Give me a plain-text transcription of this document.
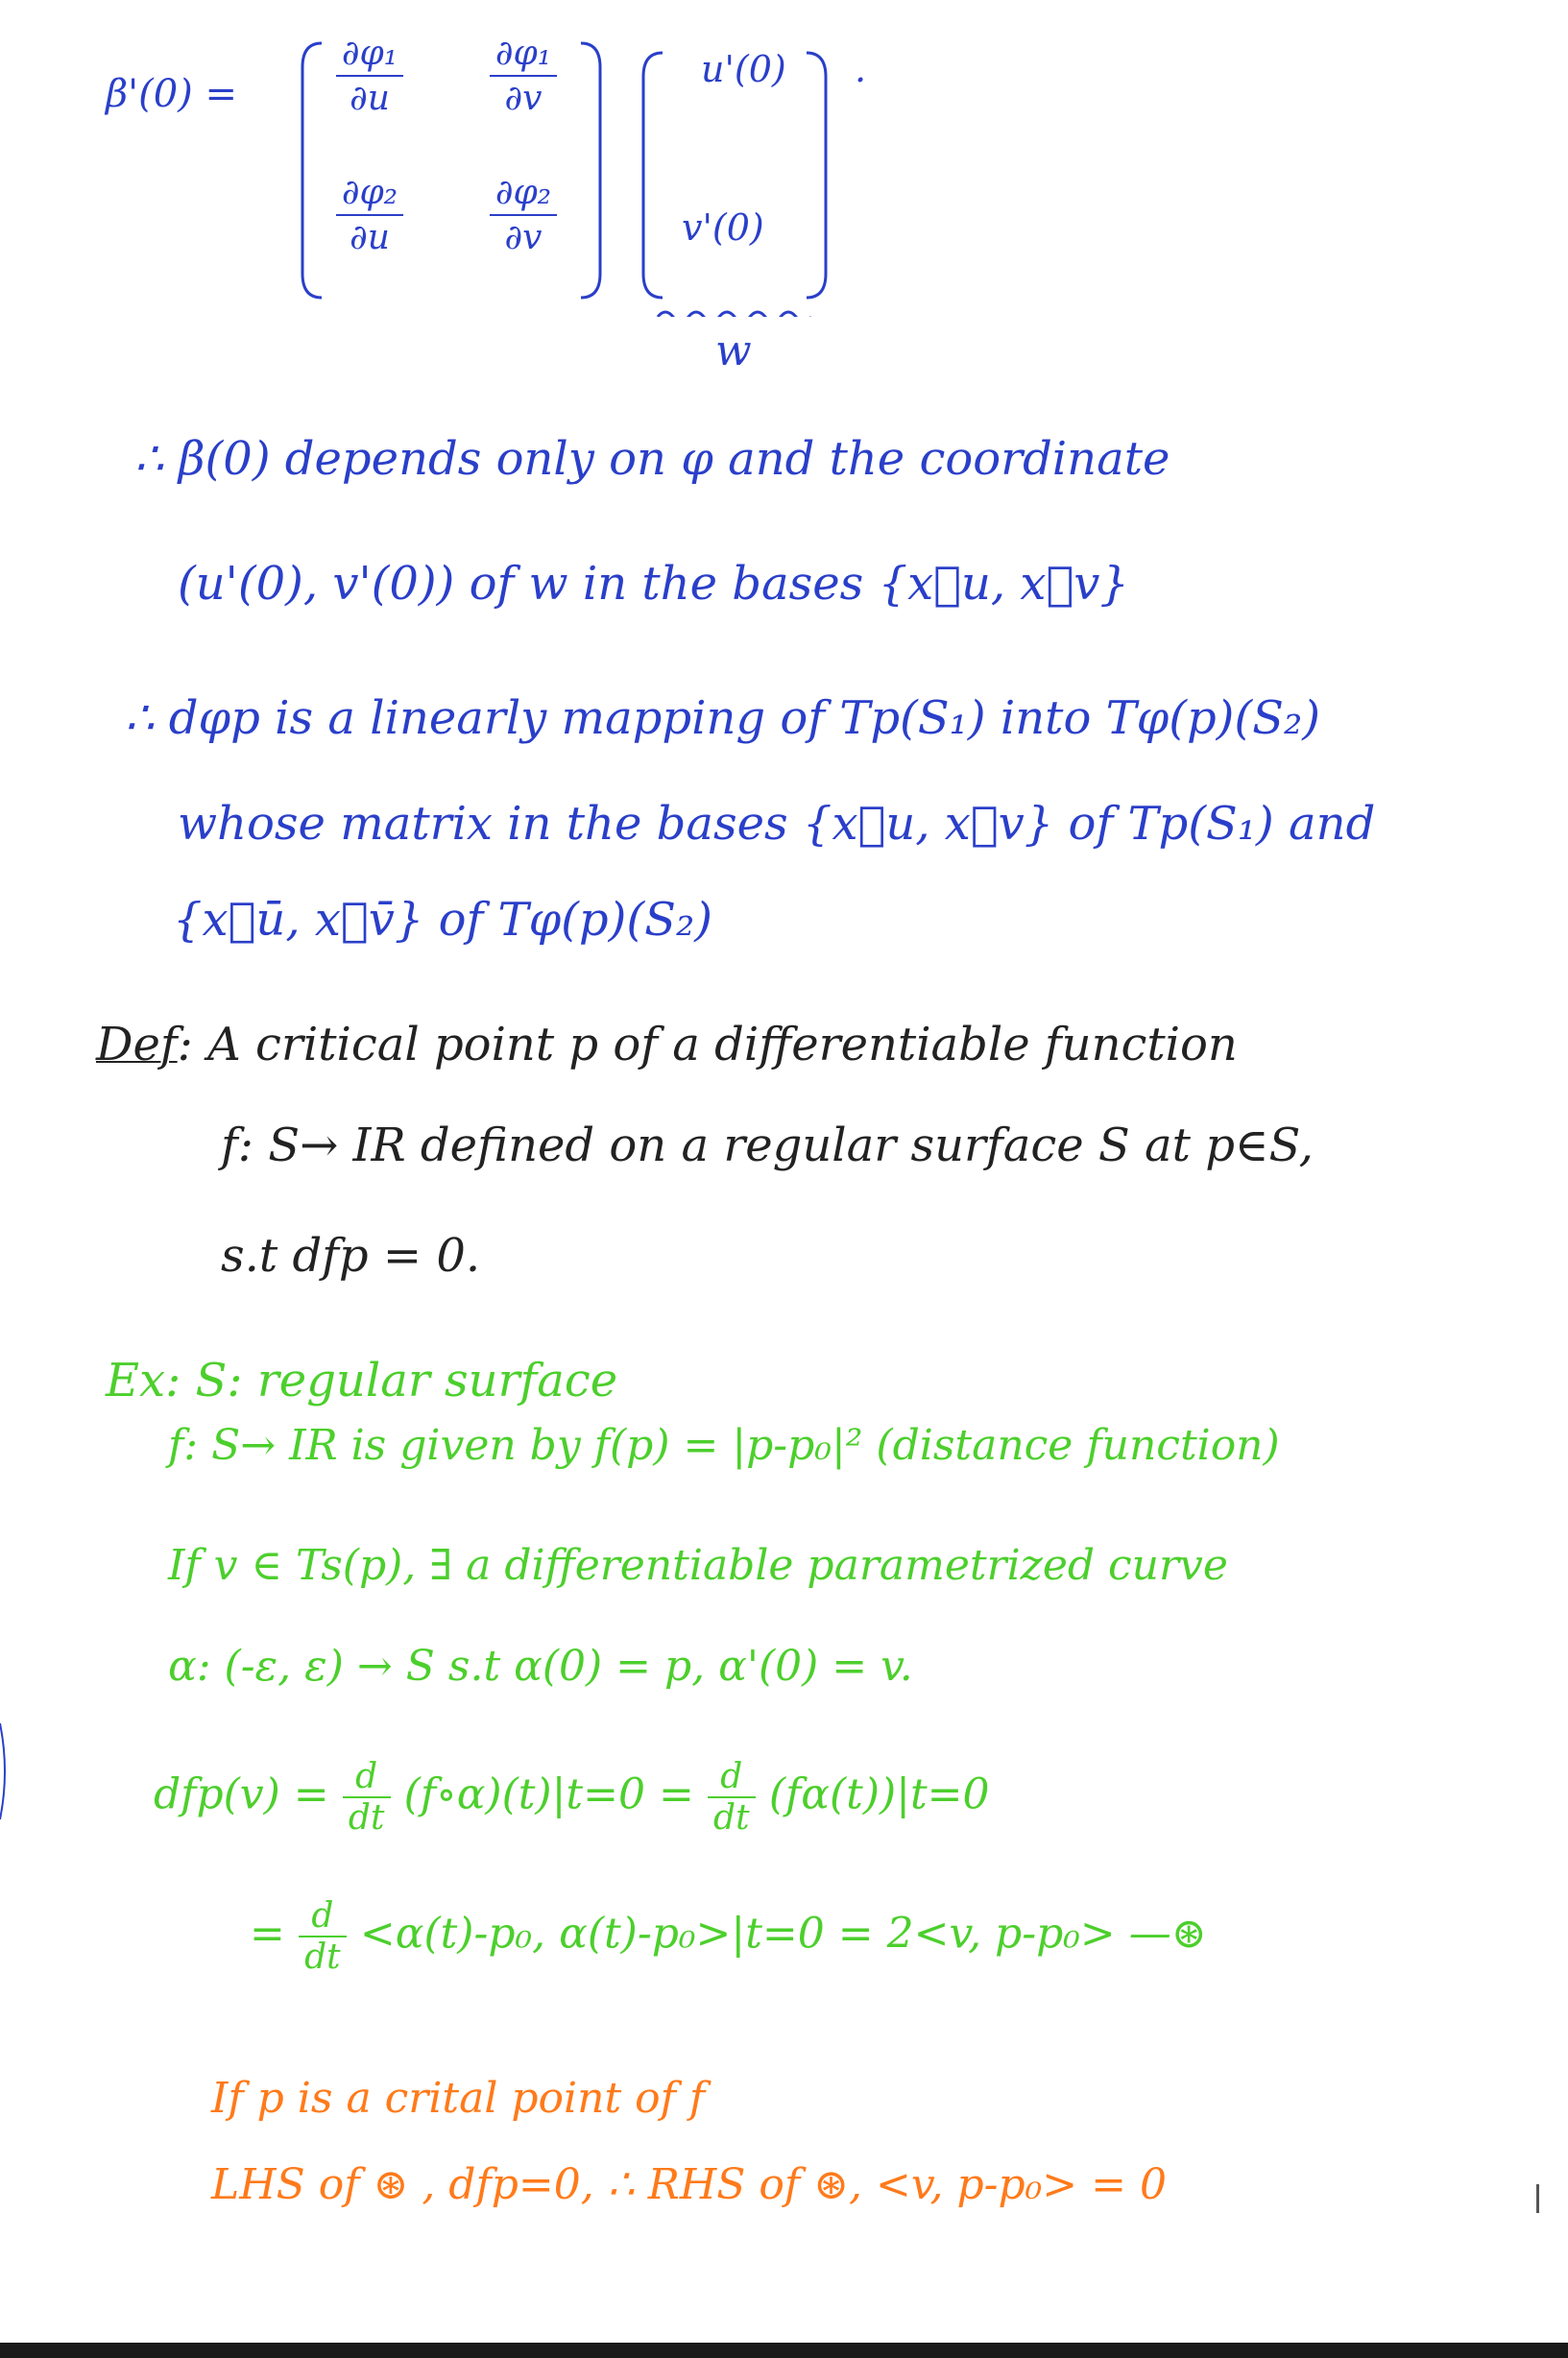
β'(0) =
∂φ₁
∂u
∂φ₁
∂v
∂φ₂
∂u
∂φ₂
∂v
u'(0)
v'(0)
.
w
∴ β(0) depends only on φ and the coordinate
(u'(0), v'(0)) of w in the bases {x⃗u, x⃗v}
∴ dφp is a linearly mapping of Tp(S₁) into Tφ(p)(S₂)
whose matrix in the bases {x⃗u, x⃗v} of Tp(S₁) and
{x⃗ū, x⃗v̄} of Tφ(p)(S₂)
Def: A critical point p of a differentiable function
f: S→ IR defined on a regular surface S at p∈S,
s.t dfp = 0.
Ex: S: regular surface
f: S→ IR is given by f(p) = |p-p₀|² (distance function)
If v ∈ Ts(p), ∃ a differentiable parametrized curve
α: (-ε, ε) → S s.t α(0) = p, α'(0) = v.
$dfp(v) = \frac{d}{dt}$ (f∘α)(t)|t=0 = $\frac{d}{dt} (f\alpha(t))|t=0$
= $\frac{d}{dt} <\alpha(t)-p_0$, α(t)-p₀>|t=0 = 2<v, p-p₀> —⊛
If p is a crital point of f
LHS of ⊛ , dfp=0, ∴ RHS of ⊛, <v, p-p₀> = 0
